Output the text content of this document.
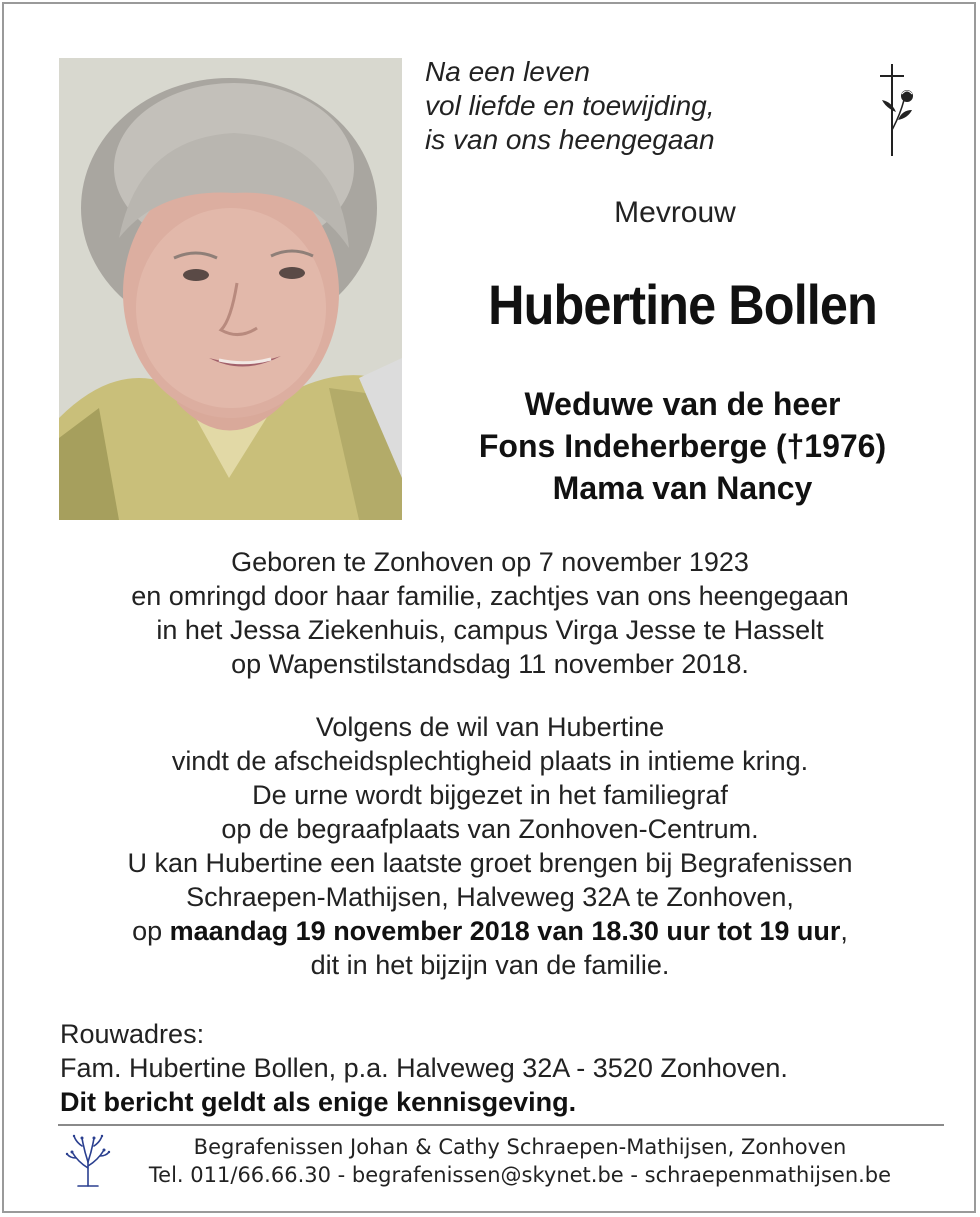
Na een leven
vol liefde en toewijding,
is van ons heengegaan
Mevrouw
Hubertine Bollen
Weduwe van de heer
Fons Indeherberge (†1976)
Mama van Nancy
Geboren te Zonhoven op 7 november 1923
en omringd door haar familie, zachtjes van ons heengegaan
in het Jessa Ziekenhuis, campus Virga Jesse te Hasselt
op Wapenstilstandsdag 11 november 2018.
Volgens de wil van Hubertine
vindt de afscheidsplechtigheid plaats in intieme kring.
De urne wordt bijgezet in het familiegraf
op de begraafplaats van Zonhoven-Centrum.
U kan Hubertine een laatste groet brengen bij Begrafenissen
Schraepen-Mathijsen, Halveweg 32A te Zonhoven,
op maandag 19 november 2018 van 18.30 uur tot 19 uur,
dit in het bijzijn van de familie.
Rouwadres:
Fam. Hubertine Bollen, p.a. Halveweg 32A - 3520 Zonhoven.
Dit bericht geldt als enige kennisgeving.
Begrafenissen Johan & Cathy Schraepen-Mathijsen, Zonhoven
Tel. 011/66.66.30 - begrafenissen@skynet.be - schraepenmathijsen.be
